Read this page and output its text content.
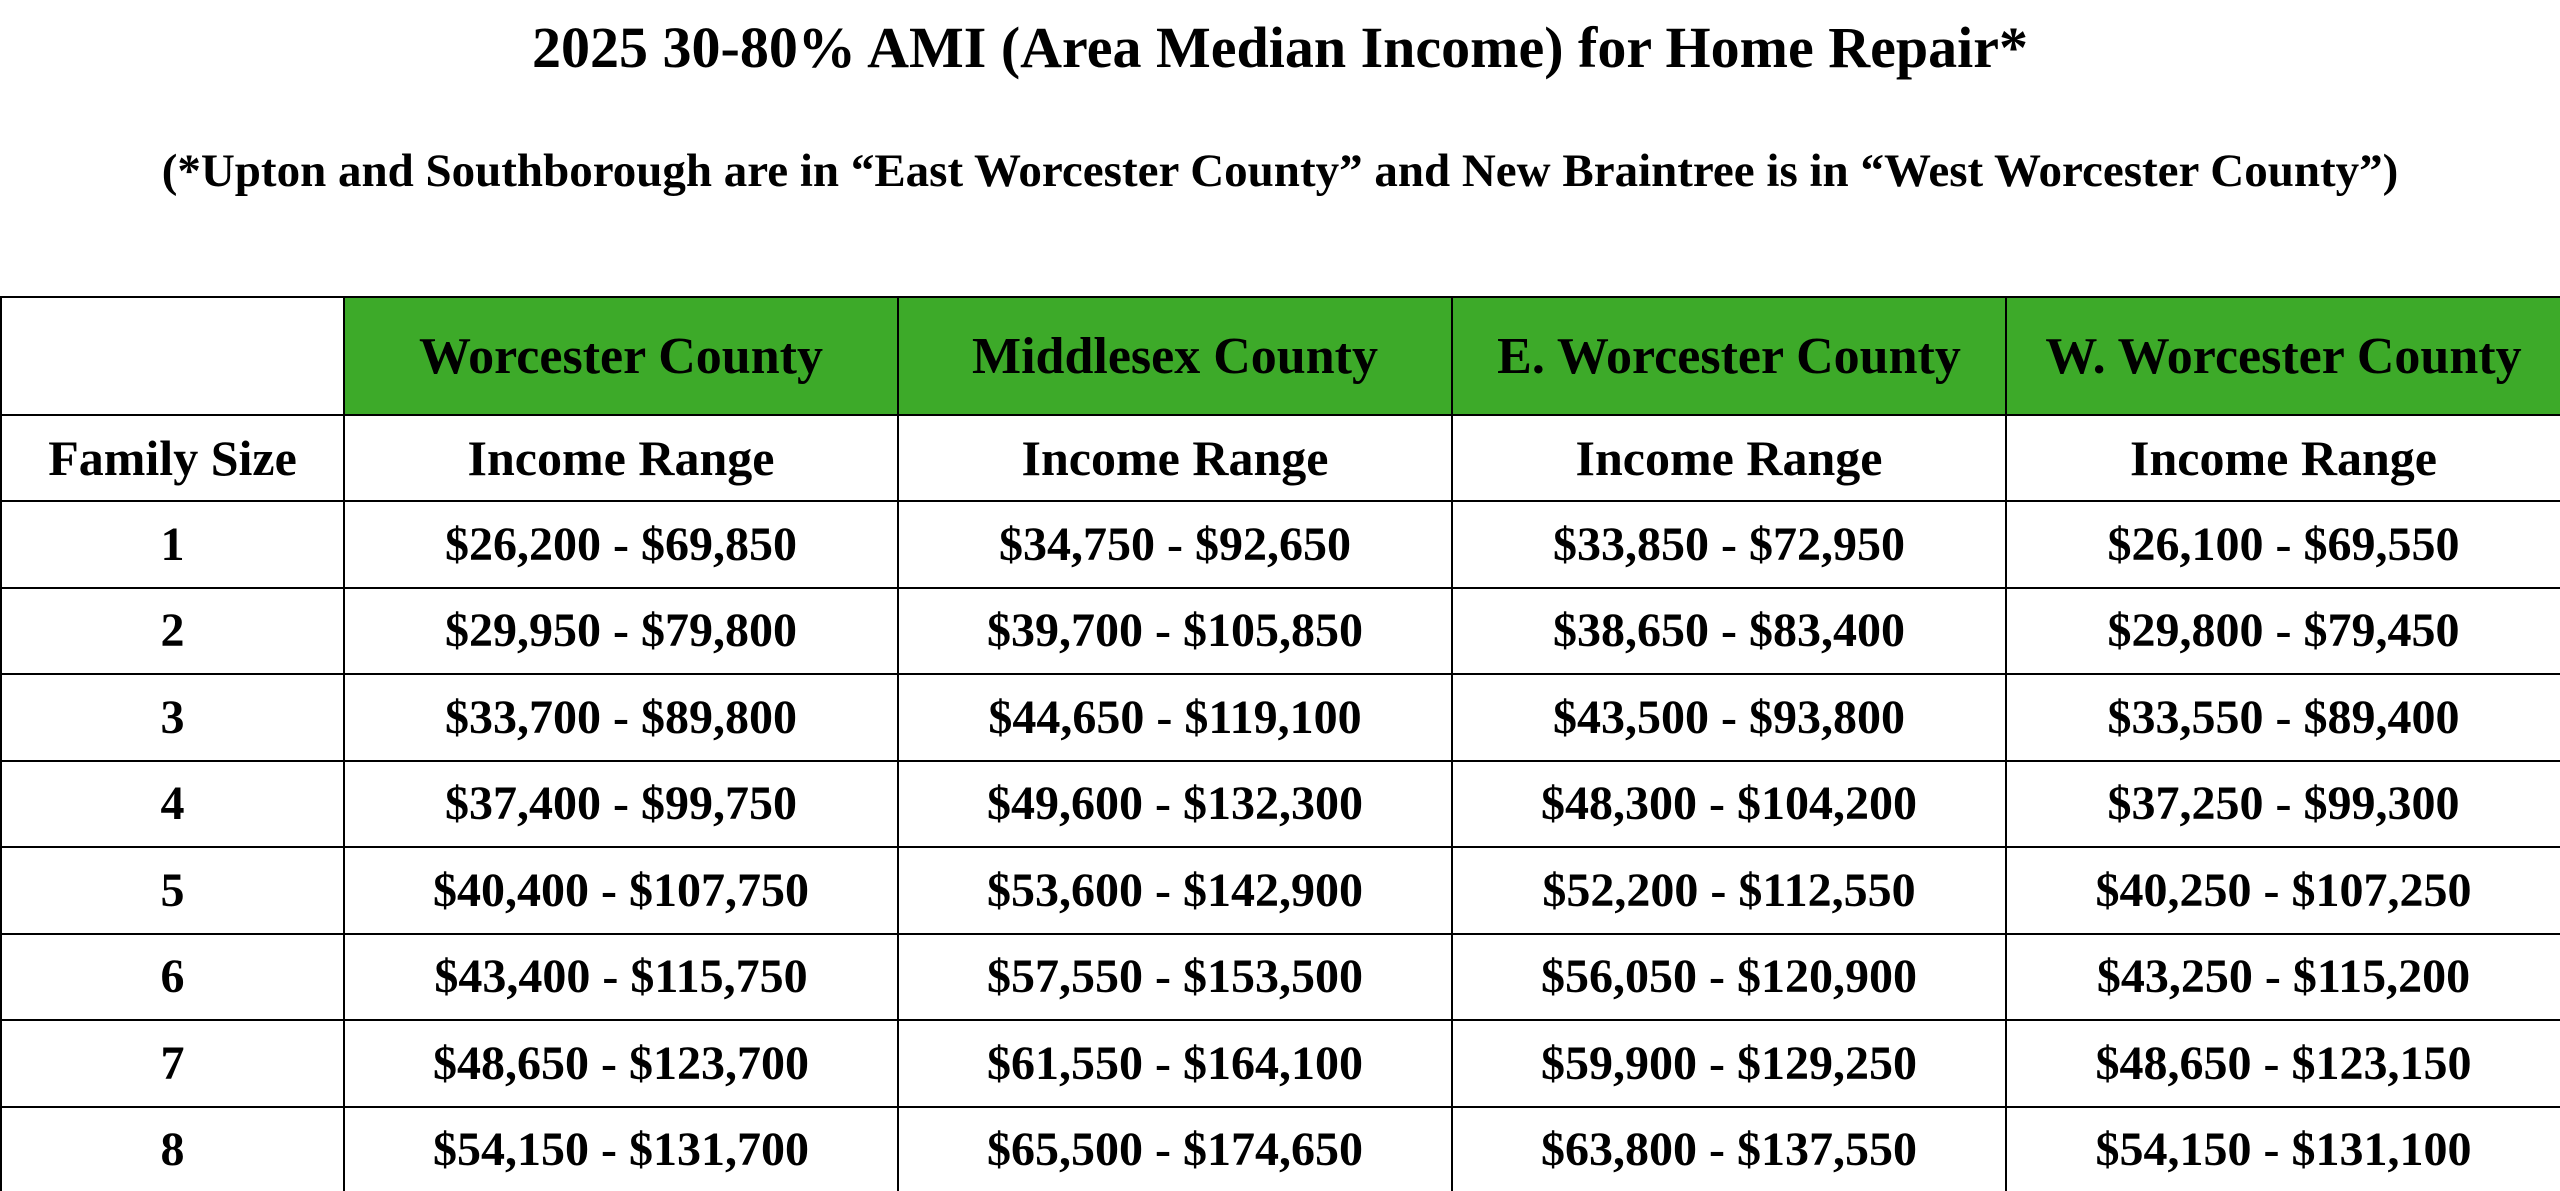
2025 30-80% AMI (Area Median Income) for Home Repair*
(*Upton and Southborough are in “East Worcester County” and New Braintree is in “West Worcester County”)
	Worcester County	Middlesex County	E. Worcester County	W. Worcester County
Family Size	Income Range	Income Range	Income Range	Income Range
1	$26,200 - $69,850	$34,750 - $92,650	$33,850 - $72,950	$26,100 - $69,550
2	$29,950 - $79,800	$39,700 - $105,850	$38,650 - $83,400	$29,800 - $79,450
3	$33,700 - $89,800	$44,650 - $119,100	$43,500 - $93,800	$33,550 - $89,400
4	$37,400 - $99,750	$49,600 - $132,300	$48,300 - $104,200	$37,250 - $99,300
5	$40,400 - $107,750	$53,600 - $142,900	$52,200 - $112,550	$40,250 - $107,250
6	$43,400 - $115,750	$57,550 - $153,500	$56,050 - $120,900	$43,250 - $115,200
7	$48,650 - $123,700	$61,550 - $164,100	$59,900 - $129,250	$48,650 - $123,150
8	$54,150 - $131,700	$65,500 - $174,650	$63,800 - $137,550	$54,150 - $131,100
